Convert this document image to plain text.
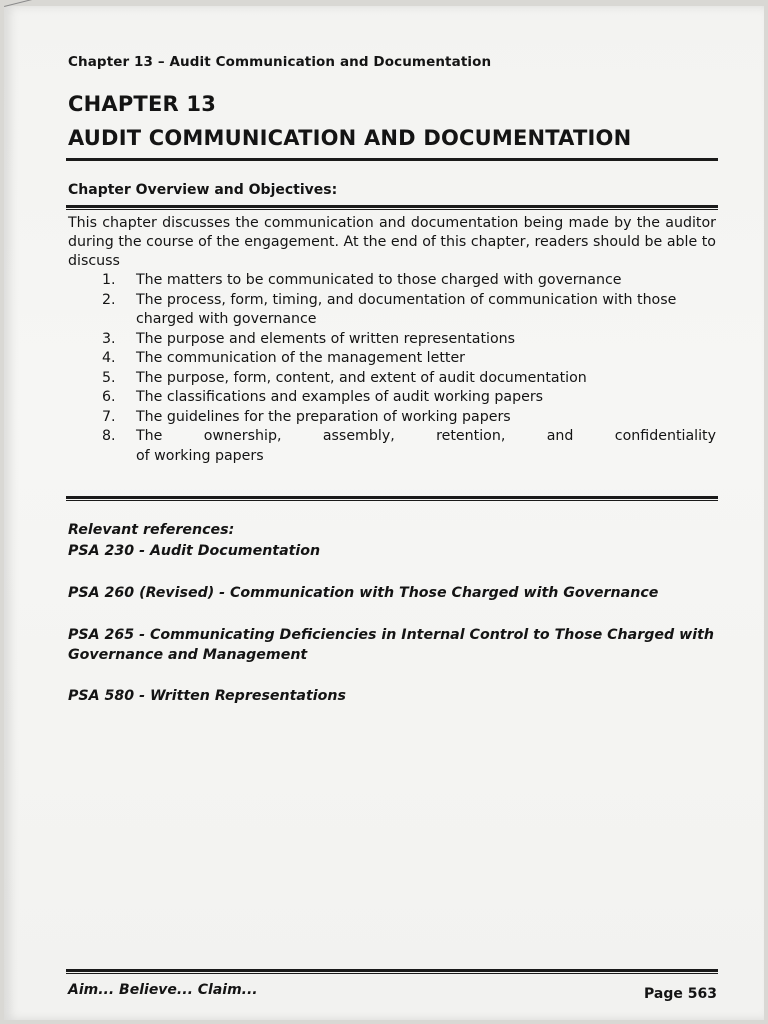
Chapter 13 – Audit Communication and Documentation
CHAPTER 13
AUDIT COMMUNICATION AND DOCUMENTATION
Chapter Overview and Objectives:
This chapter discusses the communication and documentation being made by the auditor during the course of the engagement. At the end of this chapter, readers should be able to discuss
1. The matters to be communicated to those charged with governance
2. The process, form, timing, and documentation of communication with those charged with governance
3. The purpose and elements of written representations
4. The communication of the management letter
5. The purpose, form, content, and extent of audit documentation
6. The classifications and examples of audit working papers
7. The guidelines for the preparation of working papers
8. The ownership, assembly, retention, and confidentiality
of working papers
Relevant references:
PSA 230 - Audit Documentation
PSA 260 (Revised) - Communication with Those Charged with Governance
PSA 265 - Communicating Deficiencies in Internal Control to Those Charged with Governance and Management
PSA 580 - Written Representations
Aim... Believe... Claim...	Page 563
